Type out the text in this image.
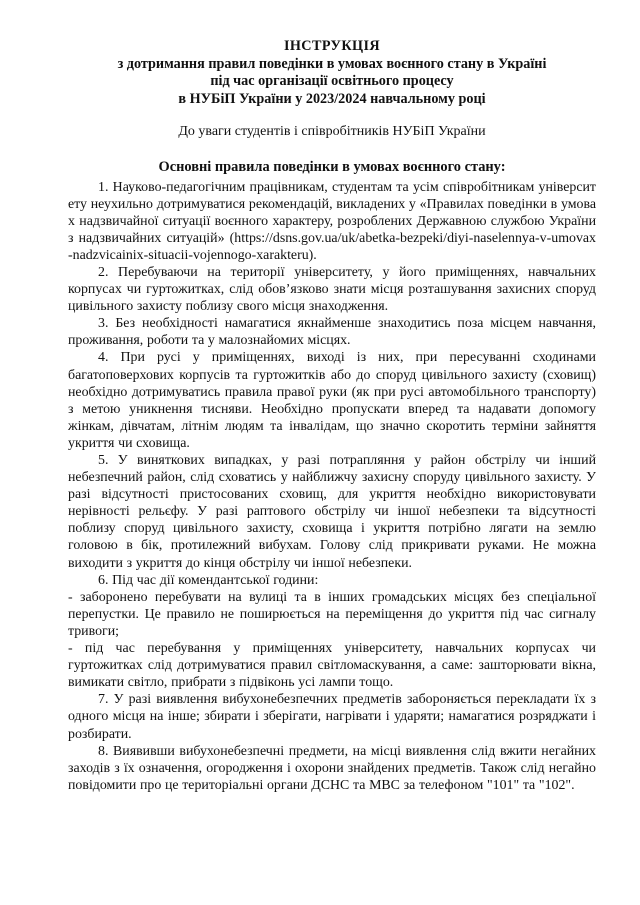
ІНСТРУКЦІЯ
з дотримання правил поведінки в умовах воєнного стану в Україні
під час організації освітнього процесу
в НУБіП України у 2023/2024 навчальному році
До уваги студентів і співробітників НУБіП України
Основні правила поведінки в умовах воєнного стану:

1. Науково-педагогічним працівникам, студентам та усім співробітникам університету неухильно дотримуватися рекомендацій, викладених у «Правилах поведінки в умовах надзвичайної ситуації воєнного характеру, розроблених Державною службою України з надзвичайних ситуацій» (https://dsns.gov.ua/uk/abetka-bezpeki/diyi-naselennya-v-umovax-nadzvicainix-situacii-vojennogo-xarakteru).

2. Перебуваючи на території університету, у його приміщеннях, навчальних корпусах чи гуртожитках, слід обов’язково знати місця розташування захисних споруд цивільного захисту поблизу свого місця знаходження.

3. Без необхідності намагатися якнайменше знаходитись поза місцем навчання, проживання, роботи та у малознайомих місцях.

4. При русі у приміщеннях, виході із них, при пересуванні сходинами багатоповерхових корпусів та гуртожитків або до споруд цивільного захисту (сховищ) необхідно дотримуватись правила правої руки (як при русі автомобільного транспорту) з метою уникнення тисняви. Необхідно пропускати вперед та надавати допомогу жінкам, дівчатам, літнім людям та інвалідам, що значно скоротить терміни зайняття укриття чи сховища.

5. У виняткових випадках, у разі потрапляння у район обстрілу чи інший небезпечний район, слід сховатись у найближчу захисну споруду цивільного захисту. У разі відсутності пристосованих сховищ, для укриття необхідно використовувати нерівності рельєфу. У разі раптового обстрілу чи іншої небезпеки та відсутності поблизу споруд цивільного захисту, сховища і укриття потрібно лягати на землю головою в бік, протилежний вибухам. Голову слід прикривати руками. Не можна виходити з укриття до кінця обстрілу чи іншої небезпеки.

6. Під час дії комендантської години:

- заборонено перебувати на вулиці та в інших громадських місцях без спеціальної перепустки. Це правило не поширюється на переміщення до укриття під час сигналу тривоги;

- під час перебування у приміщеннях університету, навчальних корпусах чи гуртожитках слід дотримуватися правил світломаскування, а саме: зашторювати вікна, вимикати світло, прибрати з підвіконь усі лампи тощо.

7. У разі виявлення вибухонебезпечних предметів забороняється перекладати їх з одного місця на інше; збирати і зберігати, нагрівати і ударяти; намагатися розряджати і розбирати.

8. Виявивши вибухонебезпечні предмети, на місці виявлення слід вжити негайних заходів з їх означення, огородження і охорони знайдених предметів. Також слід негайно повідомити про це територіальні органи ДСНС та МВС за телефоном "101" та "102".
